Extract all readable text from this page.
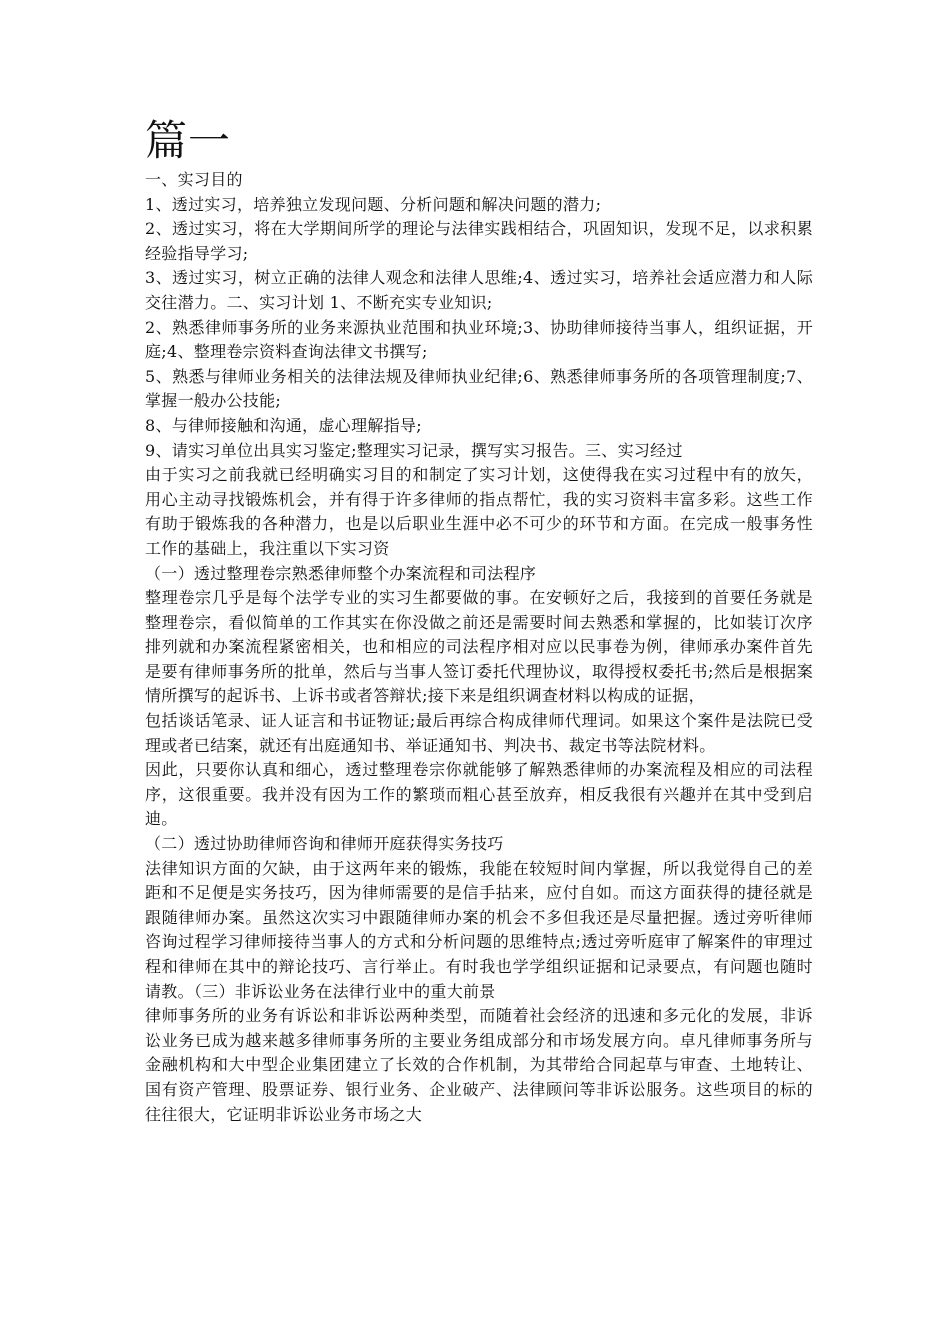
篇一

一、实习目的

1、透过实习，培养独立发现问题、分析问题和解决问题的潜力;

2、透过实习，将在大学期间所学的理论与法律实践相结合，巩固知识，发现不足，以求积累经验指导学习;

3、透过实习，树立正确的法律人观念和法律人思维;4、透过实习，培养社会适应潜力和人际交往潜力。二、实习计划 1、不断充实专业知识;

2、熟悉律师事务所的业务来源执业范围和执业环境;3、协助律师接待当事人，组织证据，开庭;4、整理卷宗资料查询法律文书撰写;

5、熟悉与律师业务相关的法律法规及律师执业纪律;6、熟悉律师事务所的各项管理制度;7、掌握一般办公技能;

8、与律师接触和沟通，虚心理解指导;

9、请实习单位出具实习鉴定;整理实习记录，撰写实习报告。三、实习经过

由于实习之前我就已经明确实习目的和制定了实习计划，这使得我在实习过程中有的放矢，用心主动寻找锻炼机会，并有得于许多律师的指点帮忙，我的实习资料丰富多彩。这些工作有助于锻炼我的各种潜力，也是以后职业生涯中必不可少的环节和方面。在完成一般事务性工作的基础上，我注重以下实习资

（一）透过整理卷宗熟悉律师整个办案流程和司法程序

整理卷宗几乎是每个法学专业的实习生都要做的事。在安顿好之后，我接到的首要任务就是整理卷宗，看似简单的工作其实在你没做之前还是需要时间去熟悉和掌握的，比如装订次序排列就和办案流程紧密相关，也和相应的司法程序相对应以民事卷为例，律师承办案件首先是要有律师事务所的批单，然后与当事人签订委托代理协议，取得授权委托书;然后是根据案情所撰写的起诉书、上诉书或者答辩状;接下来是组织调查材料以构成的证据，

包括谈话笔录、证人证言和书证物证;最后再综合构成律师代理词。如果这个案件是法院已受理或者已结案，就还有出庭通知书、举证通知书、判决书、裁定书等法院材料。

因此，只要你认真和细心，透过整理卷宗你就能够了解熟悉律师的办案流程及相应的司法程序，这很重要。我并没有因为工作的繁琐而粗心甚至放弃，相反我很有兴趣并在其中受到启迪。

（二）透过协助律师咨询和律师开庭获得实务技巧

法律知识方面的欠缺，由于这两年来的锻炼，我能在较短时间内掌握，所以我觉得自己的差距和不足便是实务技巧，因为律师需要的是信手拈来，应付自如。而这方面获得的捷径就是跟随律师办案。虽然这次实习中跟随律师办案的机会不多但我还是尽量把握。透过旁听律师咨询过程学习律师接待当事人的方式和分析问题的思维特点;透过旁听庭审了解案件的审理过程和律师在其中的辩论技巧、言行举止。有时我也学学组织证据和记录要点，有问题也随时请教。（三）非诉讼业务在法律行业中的重大前景

律师事务所的业务有诉讼和非诉讼两种类型，而随着社会经济的迅速和多元化的发展，非诉讼业务已成为越来越多律师事务所的主要业务组成部分和市场发展方向。卓凡律师事务所与金融机构和大中型企业集团建立了长效的合作机制，为其带给合同起草与审查、土地转让、国有资产管理、股票证券、银行业务、企业破产、法律顾问等非诉讼服务。这些项目的标的往往很大，它证明非诉讼业务市场之大
